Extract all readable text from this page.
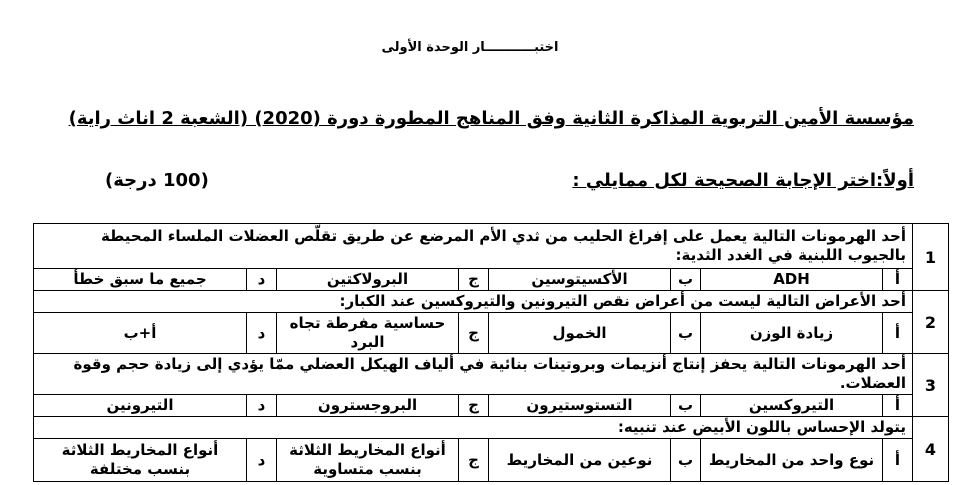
اختبـــــــــــار الوحدة الأولى
مؤسسة الأمين التربوية المذاكرة الثانية وفق المناهج المطورة دورة (2020) (الشعبة 2 اناث راية)
أولاً:اختر الإجابة الصحيحة لكل ممايلي :
(100 درجة)
1	أحد الهرمونات التالية يعمل على إفراغ الحليب من ثدي الأم المرضع عن طريق تقلّص العضلات الملساء المحيطة بالجيوب اللبنية في الغدد الثدية:							
	أ	ADH	ب	الأكسيتوسين	ج	البرولاكتين	د	جميع ما سبق خطأ
2	أحد الأعراض التالية ليست من أعراض نقص التيرونين والتيروكسين عند الكبار:							
	أ	زيادة الوزن	ب	الخمول	ج	حساسية مفرطة تجاه البرد	د	أ+ب
3	أحد الهرمونات التالية يحفز إنتاج أنزيمات وبروتينات بنائية في ألياف الهيكل العضلي ممّا يؤدي إلى زيادة حجم وقوة العضلات.							
	أ	التيروكسين	ب	التستوستيرون	ج	البروجسترون	د	التيرونين
4	يتولد الإحساس باللون الأبيض عند تنبيه:							
	أ	نوع واحد من المخاريط	ب	نوعين من المخاريط	ج	أنواع المخاريط الثلاثة بنسب متساوية	د	أنواع المخاريط الثلاثة بنسب مختلفة
